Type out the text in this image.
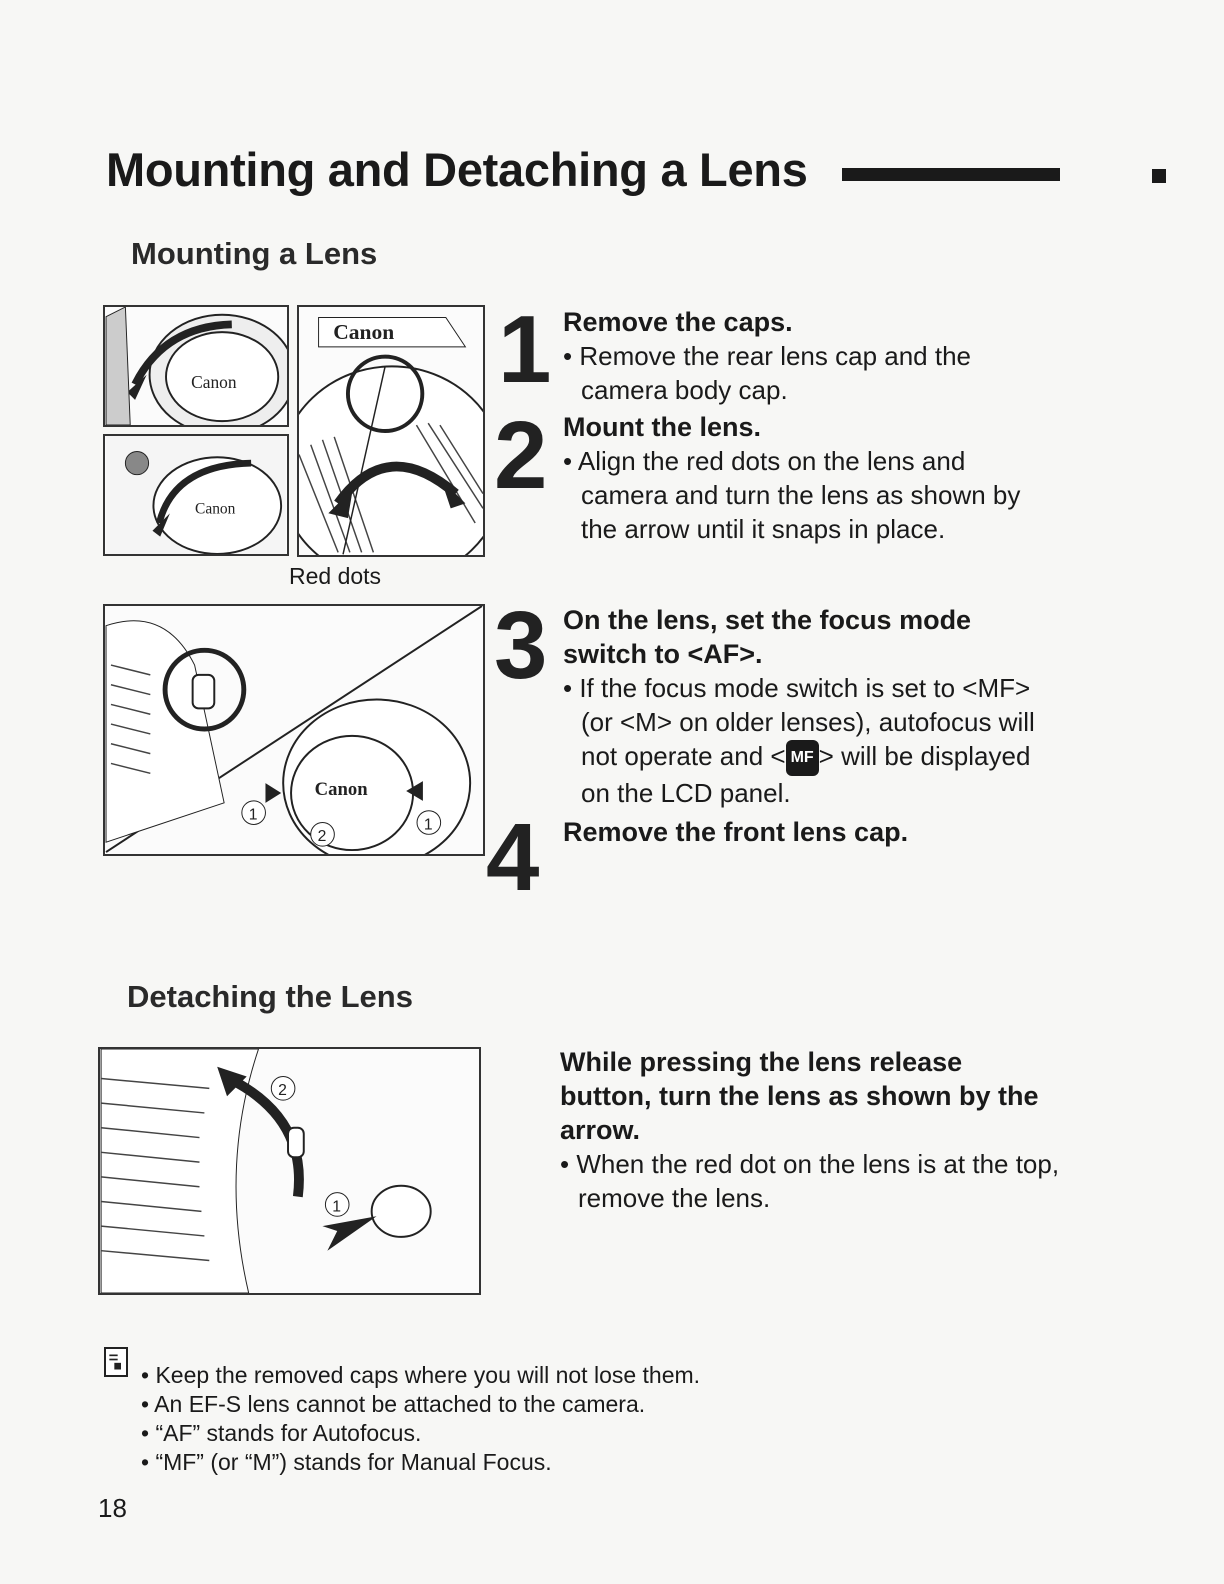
Mounting and Detaching a Lens
Mounting a Lens
Canon
Canon
Canon
Red dots
Canon
1
2
1
1
2
3
4
Remove the caps.
• Remove the rear lens cap and the camera body cap.
Mount the lens.
• Align the red dots on the lens and camera and turn the lens as shown by the arrow until it snaps in place.
On the lens, set the focus mode switch to <AF>.
• If the focus mode switch is set to <MF> (or <M> on older lenses), autofocus will not operate and < MF > will be displayed on the LCD panel.
Remove the front lens cap.
Detaching the Lens
2
1
While pressing the lens release button, turn the lens as shown by the arrow.
• When the red dot on the lens is at the top, remove the lens.
• Keep the removed caps where you will not lose them.
• An EF-S lens cannot be attached to the camera.
• “AF” stands for Autofocus.
• “MF” (or “M”) stands for Manual Focus.
18
